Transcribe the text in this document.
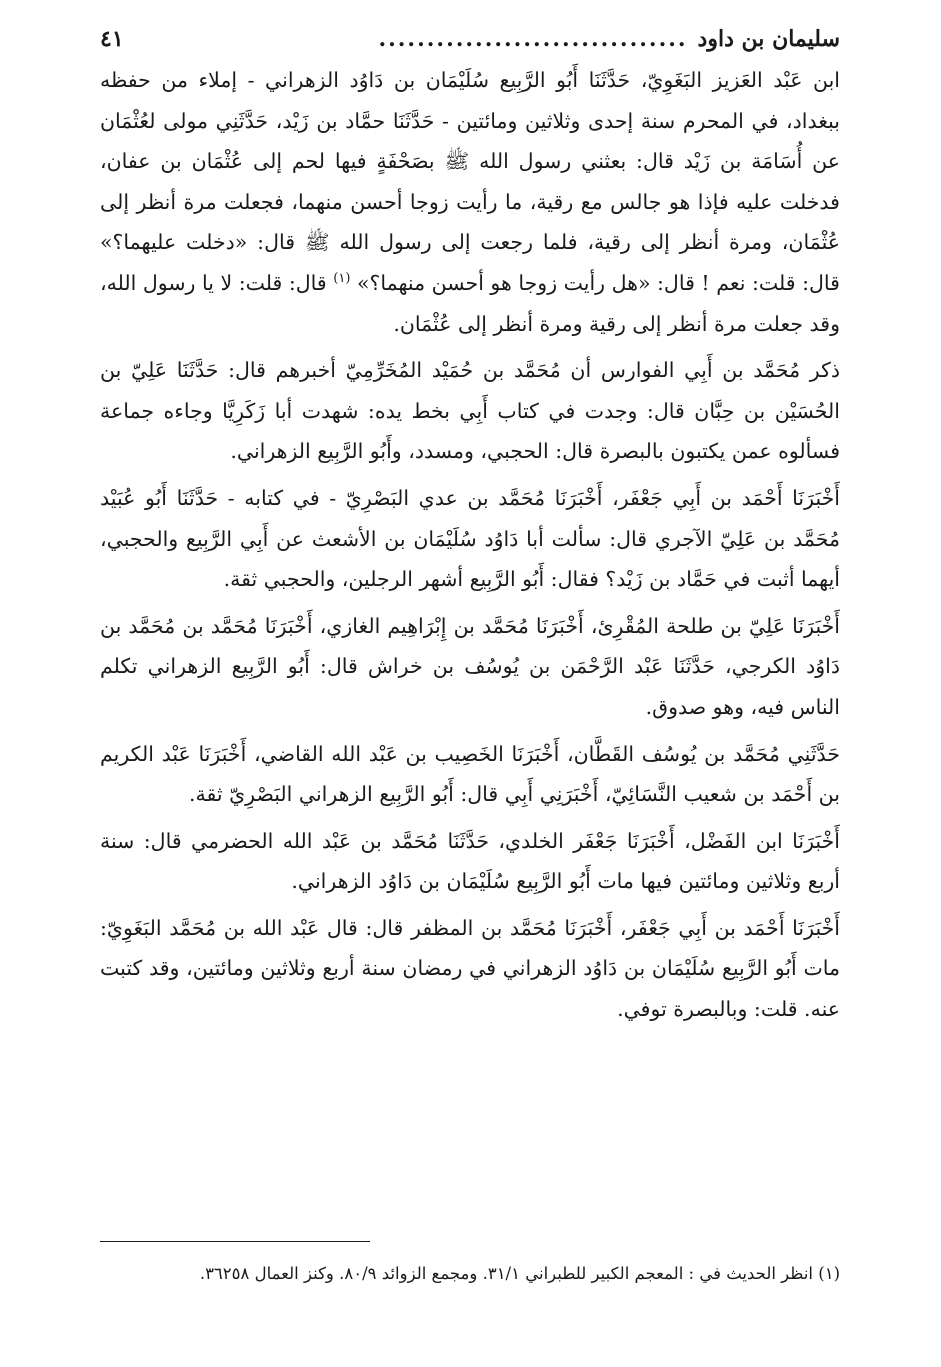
سليمان بن داود
................................
٤١

ابن عَبْد العَزيز البَغَوِيّ، حَدَّثَنَا أَبُو الرَّبِيع سُلَيْمَان بن دَاوُد الزهراني - إملاء من حفظه ببغداد، في المحرم سنة إحدى وثلاثين ومائتين - حَدَّثَنَا حمَّاد بن زَيْد، حَدَّثَنِي مولى لعُثْمَان عن أُسَامَة بن زَيْد قال: بعثني رسول الله ﷺ بصَحْفَةٍ فيها لحم إلى عُثْمَان بن عفان، فدخلت عليه فإذا هو جالس مع رقية، ما رأيت زوجا أحسن منهما، فجعلت مرة أنظر إلى عُثْمَان، ومرة أنظر إلى رقية، فلما رجعت إلى رسول الله ﷺ قال: «دخلت عليهما؟» قال: قلت: نعم ! قال: «هل رأيت زوجا هو أحسن منهما؟» $^{(١)}$ قال: قلت: لا يا رسول الله، وقد جعلت مرة أنظر إلى رقية ومرة أنظر إلى عُثْمَان.

ذكر مُحَمَّد بن أَبِي الفوارس أن مُحَمَّد بن حُمَيْد المُخَرِّمِيّ أخبرهم قال: حَدَّثَنَا عَلِيّ بن الحُسَيْن بن حِبَّان قال: وجدت في كتاب أَبِي بخط يده: شهدت أبا زَكَرِيَّا وجاءه جماعة فسألوه عمن يكتبون بالبصرة قال: الحجبي، ومسدد، وأَبُو الرَّبِيع الزهراني.

أَخْبَرَنَا أَحْمَد بن أَبِي جَعْفَر، أَخْبَرَنَا مُحَمَّد بن عدي البَصْرِيّ - في كتابه - حَدَّثَنَا أَبُو عُبَيْد مُحَمَّد بن عَلِيّ الآجري قال: سألت أبا دَاوُد سُلَيْمَان بن الأشعث عن أَبِي الرَّبِيع والحجبي، أيهما أثبت في حَمَّاد بن زَيْد؟ فقال: أَبُو الرَّبِيع أشهر الرجلين، والحجبي ثقة.

أَخْبَرَنَا عَلِيّ بن طلحة المُقْرِئ، أَخْبَرَنَا مُحَمَّد بن إِبْرَاهِيم الغازي، أَخْبَرَنَا مُحَمَّد بن مُحَمَّد بن دَاوُد الكرجي، حَدَّثَنَا عَبْد الرَّحْمَن بن يُوسُف بن خراش قال: أَبُو الرَّبِيع الزهراني تكلم الناس فيه، وهو صدوق.

حَدَّثَنِي مُحَمَّد بن يُوسُف القَطَّان، أَخْبَرَنَا الخَصِيب بن عَبْد الله القاضي، أَخْبَرَنَا عَبْد الكريم بن أَحْمَد بن شعيب النَّسَائِيّ، أَخْبَرَنِي أَبِي قال: أَبُو الرَّبِيع الزهراني البَصْرِيّ ثقة.

أَخْبَرَنَا ابن الفَضْل، أَخْبَرَنَا جَعْفَر الخلدي، حَدَّثَنَا مُحَمَّد بن عَبْد الله الحضرمي قال: سنة أربع وثلاثين ومائتين فيها مات أَبُو الرَّبِيع سُلَيْمَان بن دَاوُد الزهراني.

أَخْبَرَنَا أَحْمَد بن أَبِي جَعْفَر، أَخْبَرَنَا مُحَمَّد بن المظفر قال: قال عَبْد الله بن مُحَمَّد البَغَوِيّ: مات أَبُو الرَّبِيع سُلَيْمَان بن دَاوُد الزهراني في رمضان سنة أربع وثلاثين ومائتين، وقد كتبت عنه. قلت: وبالبصرة توفي.

(١) انظر الحديث في : المعجم الكبير للطبراني ٣١/١. ومجمع الزوائد ٨٠/٩. وكنز العمال ٣٦٢٥٨.
